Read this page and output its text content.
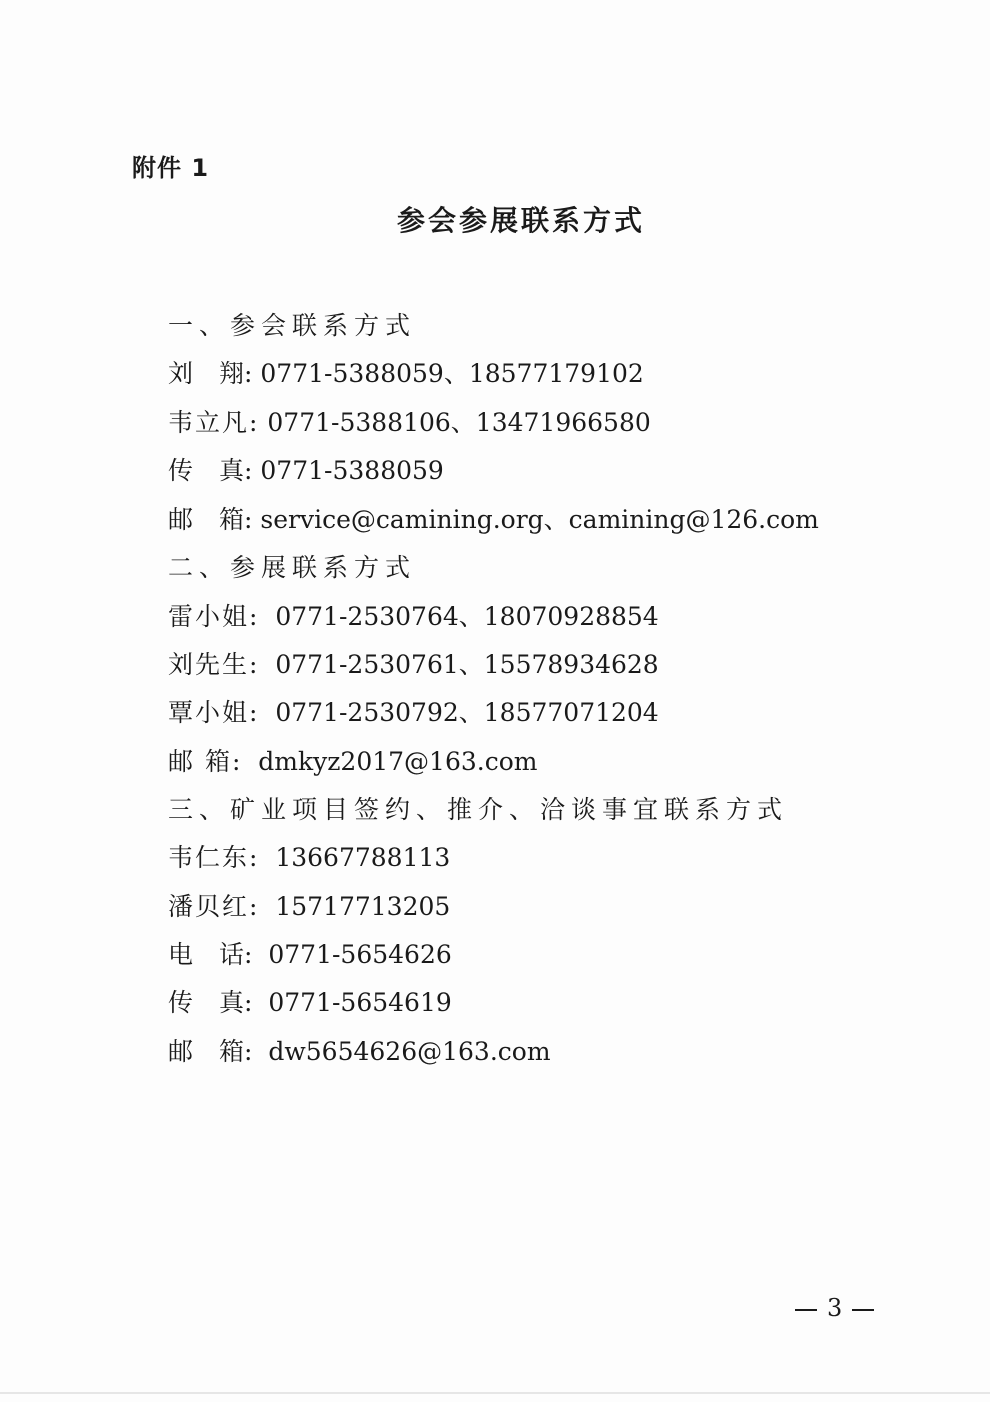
附件 1
参会参展联系方式
一、参会联系方式
刘 翔: 0771-5388059、18577179102
韦立凡: 0771-5388106、13471966580
传 真: 0771-5388059
邮 箱: service@camining.org、camining@126.com
二、参展联系方式
雷小姐: 0771-2530764、18070928854
刘先生: 0771-2530761、15578934628
覃小姐: 0771-2530792、18577071204
邮 箱: dmkyz2017@163.com
三、矿业项目签约、推介、洽谈事宜联系方式
韦仁东: 13667788113
潘贝红: 15717713205
电 话: 0771-5654626
传 真: 0771-5654619
邮 箱: dw5654626@163.com
3
